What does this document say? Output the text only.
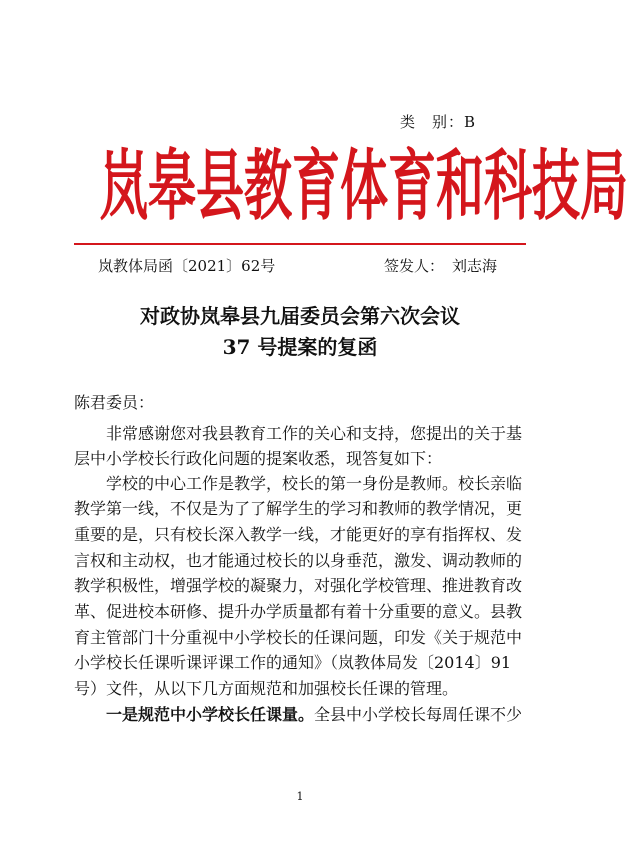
类 别：B
岚皋县教育体育和科技局
岚教体局函〔2021〕62号	签发人： 刘志海
对政协岚皋县九届委员会第六次会议
37 号提案的复函
陈君委员：
非常感谢您对我县教育工作的关心和支持，您提出的关于基
层中小学校长行政化问题的提案收悉，现答复如下：
学校的中心工作是教学，校长的第一身份是教师。校长亲临
教学第一线，不仅是为了了解学生的学习和教师的教学情况，更
重要的是，只有校长深入教学一线，才能更好的享有指挥权、发
言权和主动权，也才能通过校长的以身垂范，激发、调动教师的
教学积极性，增强学校的凝聚力，对强化学校管理、推进教育改
革、促进校本研修、提升办学质量都有着十分重要的意义。县教
育主管部门十分重视中小学校长的任课问题，印发《关于规范中
小学校长任课听课评课工作的通知》（岚教体局发〔2014〕91
号）文件，从以下几方面规范和加强校长任课的管理。
一是规范中小学校长任课量。全县中小学校长每周任课不少
1
